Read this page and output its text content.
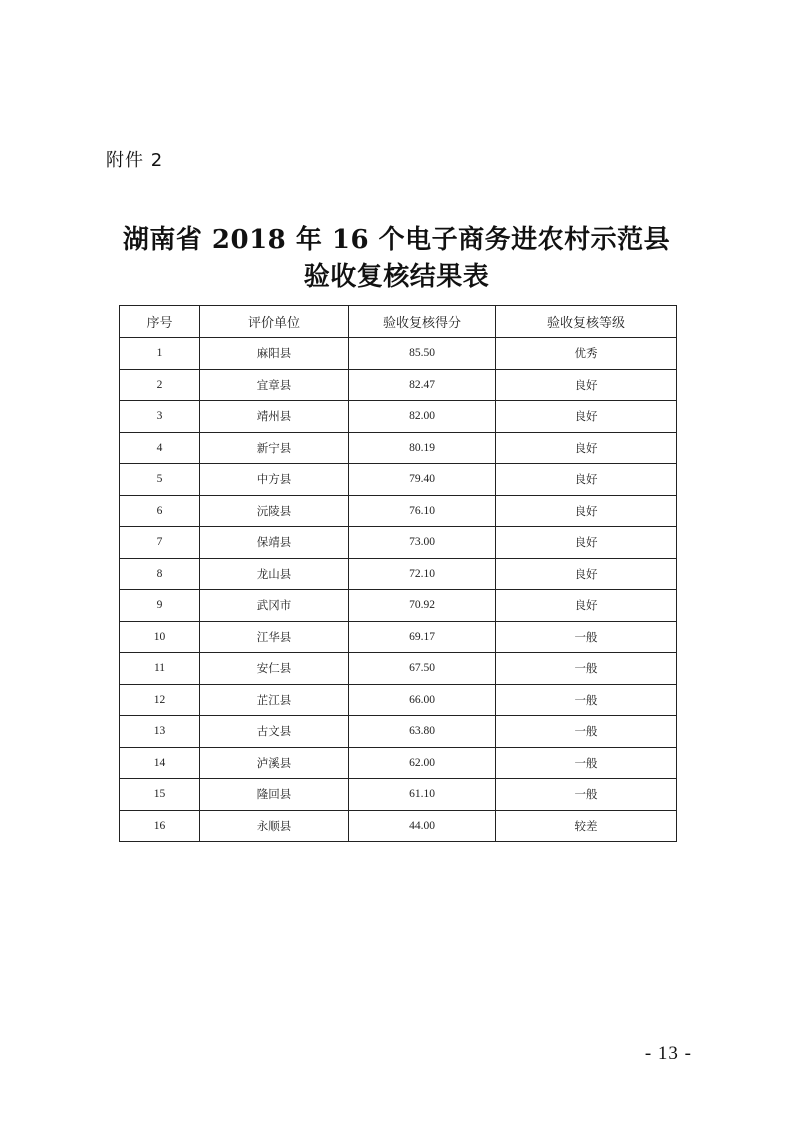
附件 2
湖南省 2018 年 16 个电子商务进农村示范县
验收复核结果表
序号	评价单位	验收复核得分	验收复核等级
1	麻阳县	85.50	优秀
2	宜章县	82.47	良好
3	靖州县	82.00	良好
4	新宁县	80.19	良好
5	中方县	79.40	良好
6	沅陵县	76.10	良好
7	保靖县	73.00	良好
8	龙山县	72.10	良好
9	武冈市	70.92	良好
10	江华县	69.17	一般
11	安仁县	67.50	一般
12	芷江县	66.00	一般
13	古文县	63.80	一般
14	泸溪县	62.00	一般
15	隆回县	61.10	一般
16	永顺县	44.00	较差
- 13 -
